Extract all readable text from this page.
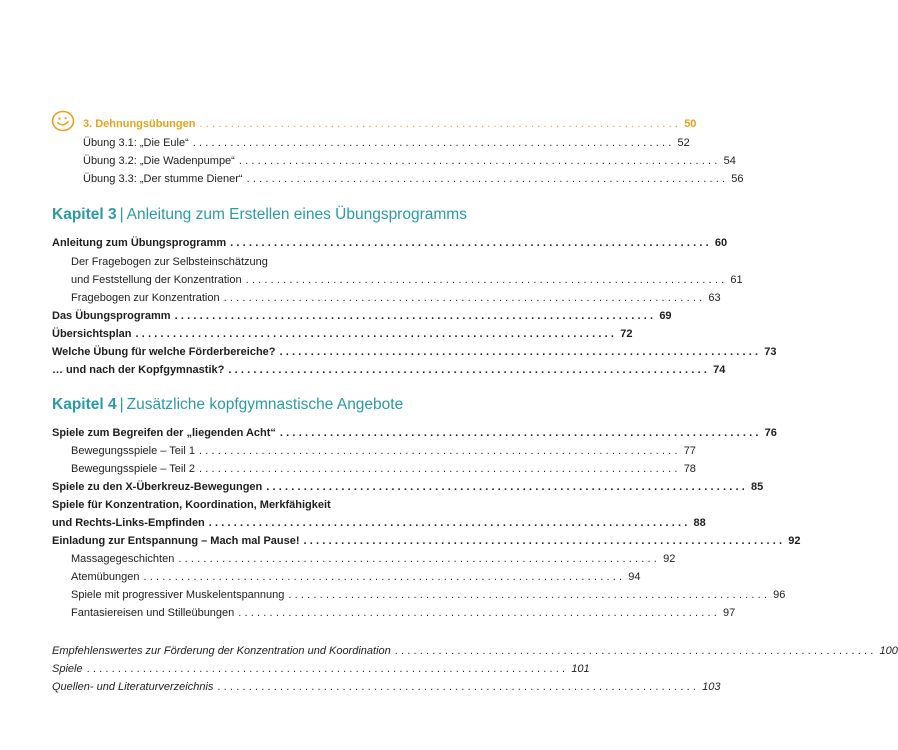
3. Dehnungsübungen ............................................................................. 50
Übung 3.1: „Die Eule“ ............................................................................. 52
Übung 3.2: „Die Wadenpumpe“ ............................................................................. 54
Übung 3.3: „Der stumme Diener“ ............................................................................. 56
Kapitel 3 | Anleitung zum Erstellen eines Übungsprogramms
Anleitung zum Übungsprogramm ............................................................................. 60
Der Fragebogen zur Selbsteinschätzung
und Feststellung der Konzentration ............................................................................. 61
Fragebogen zur Konzentration ............................................................................. 63
Das Übungsprogramm ............................................................................. 69
Übersichtsplan ............................................................................. 72
Welche Übung für welche Förderbereiche? ............................................................................. 73
… und nach der Kopfgymnastik? ............................................................................. 74
Kapitel 4 | Zusätzliche kopfgymnastische Angebote
Spiele zum Begreifen der „liegenden Acht“ ............................................................................. 76
Bewegungsspiele – Teil 1 ............................................................................. 77
Bewegungsspiele – Teil 2 ............................................................................. 78
Spiele zu den X-Überkreuz-Bewegungen ............................................................................. 85
Spiele für Konzentration, Koordination, Merkfähigkeit
und Rechts-Links-Empfinden ............................................................................. 88
Einladung zur Entspannung – Mach mal Pause! ............................................................................. 92
Massagegeschichten ............................................................................. 92
Atemübungen ............................................................................. 94
Spiele mit progressiver Muskelentspannung ............................................................................. 96
Fantasiereisen und Stilleübungen ............................................................................. 97
Empfehlenswertes zur Förderung der Konzentration und Koordination ............................................................................. 100
Spiele ............................................................................. 101
Quellen- und Literaturverzeichnis ............................................................................. 103
